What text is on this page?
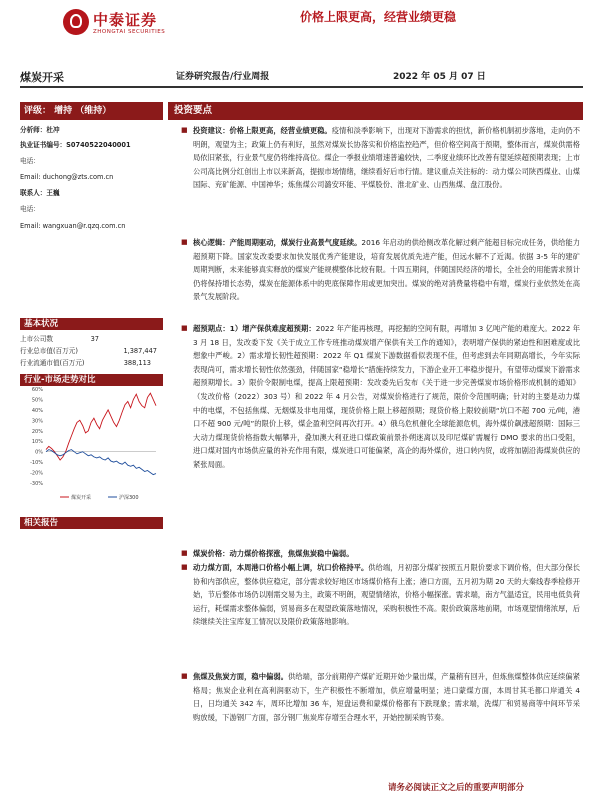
中泰证券
ZHONGTAI SECURITIES
价格上限更高，经营业绩更稳
煤炭开采	证券研究报告/行业周报	2022 年 05 月 07 日
评级： 增持 （维持）
分析师：杜冲
执业证书编号：S0740522040001
电话：
Email: duchong@zts.com.cn
联系人：王巍
电话：
Email: wangxuan@r.qzq.com.cn
基本状况
上市公司数	37
行业总市值(百万元)	1,387,447
行业流通市值(百万元)	388,113
行业-市场走势对比
60%
50%
40%
30%
20%
10%
0%
-10%
-20%
-30%
煤炭开采	沪深300
相关报告
投资要点
■ 投资建议：价格上限更高，经营业绩更稳。疫情和淡季影响下，出现对下游需求的担忧，新价格机制初步落地，走向仍不明朗，观望为主；政策上仍有利好，虽然对煤炭长协落实和价格监控趋严，但价格空间高于预期，整体而言，煤炭供需格局依旧紧张，行业景气度仍将维持高位。煤企一季报业绩增速普遍较快，二季度业绩环比改善有望延续超预期表现；上市公司高比例分红创出上市以来新高，提振市场情绪，继续看好后市行情。建议重点关注标的：动力煤公司陕西煤业、山煤国际、兖矿能源、中国神华；炼焦煤公司潞安环能、平煤股份、淮北矿业、山西焦煤、盘江股份。
■ 核心逻辑：产能周期驱动，煤炭行业高景气度延续。2016 年启动的供给侧改革化解过剩产能超目标完成任务，供给能力超预期下降。国家发改委要求加快发展优秀产能建设，培育发展优质先进产能，但远水解不了近渴。依据 3-5 年的建矿周期判断，未来能够真实释放的煤炭产能规模整体比较有限。十四五期间，伴随国民经济的增长，全社会的用能需求预计仍将保持增长态势，煤炭在能源体系中的兜底保障作用或更加突出。煤炭的绝对消费量将稳中有增，煤炭行业依然处在高景气发展阶段。
■ 超预期点：1）增产保供难度超预期：2022 年产能再核理，再挖掘的空间有限，再增加 3 亿吨产能的难度大。2022 年 3 月 18 日，发改委下发《关于成立工作专班推动煤炭增产保供有关工作的通知》，表明增产保供的紧迫性和困难度或比想象中严峻。2）需求增长韧性超预期：2022 年 Q1 煤炭下游数据看似表现不佳，但考虑到去年同期高增长，今年实际表现尚可，需求增长韧性依然强劲，伴随国家“稳增长”措施持续发力，下游企业开工率稳步提升，有望带动煤炭下游需求超预期增长。3）限价令限制电煤，提高上限超预期：发改委先后发布《关于进一步完善煤炭市场价格形成机制的通知》（发改价格（2022）303 号）和 2022 年 4 月公告，对煤炭价格进行了规范，限价令范围明确；针对的主要是动力煤中的电煤，不包括焦煤、无烟煤及非电用煤，现货价格上限上移超预期；现货价格上限较前期“坑口不超 700 元/吨，港口不超 900 元/吨”的限价上移，煤企盈利空间再次打开。4）俄乌危机催化全球能源危机，海外煤价飙涨超预期：国际三大动力煤现货价格指数大幅攀升，叠加澳大利亚进口煤政策前景扑朔迷离以及印尼煤矿需履行 DMO 要求的出口受阻，进口煤对国内市场供应量的补充作用有限，煤炭进口可能偏紧，高企的海外煤价，进口转内贸，或将加剧沿海煤炭供应的紧张局面。
■ 煤炭价格：动力煤价格探涨，焦煤焦炭稳中偏弱。
■ 动力煤方面，本周港口价格小幅上调，坑口价格持平。供给端，月初部分煤矿按照五月限价要求下调价格，但大部分保长协和内部供应，整体供应稳定，部分需求较好地区市场煤价格有上涨；港口方面，五月初为期 20 天的大秦线春季检修开始，节后整体市场仍以刚需交易为主，政策不明朗，观望情绪浓，价格小幅探涨。需求端，南方气温适宜，民用电低负荷运行，耗煤需求整体偏弱，贸易商多在观望政策落地情况，采购积极性不高。限价政策落地前期，市场观望情绪浓厚，后续继续关注宝库复工情况以及限价政策落地影响。
■ 焦煤及焦炭方面，稳中偏弱。供给端，部分前期停产煤矿近期开始少量出煤，产量稍有回升，但炼焦煤整体供应延续偏紧格局；焦炭企业利在高利润驱动下，生产积极性不断增加，供应增量明显；进口蒙煤方面，本周甘其毛都口岸通关 4 日，日均通关 342 车，周环比增加 36 车，短盘运费和蒙煤价格都有下跌现象；需求端，洗煤厂和贸易商等中间环节采购放缓，下游钢厂方面，部分钢厂焦炭库存增至合理水平，开始控制采购节奏。
请务必阅读正文之后的重要声明部分
